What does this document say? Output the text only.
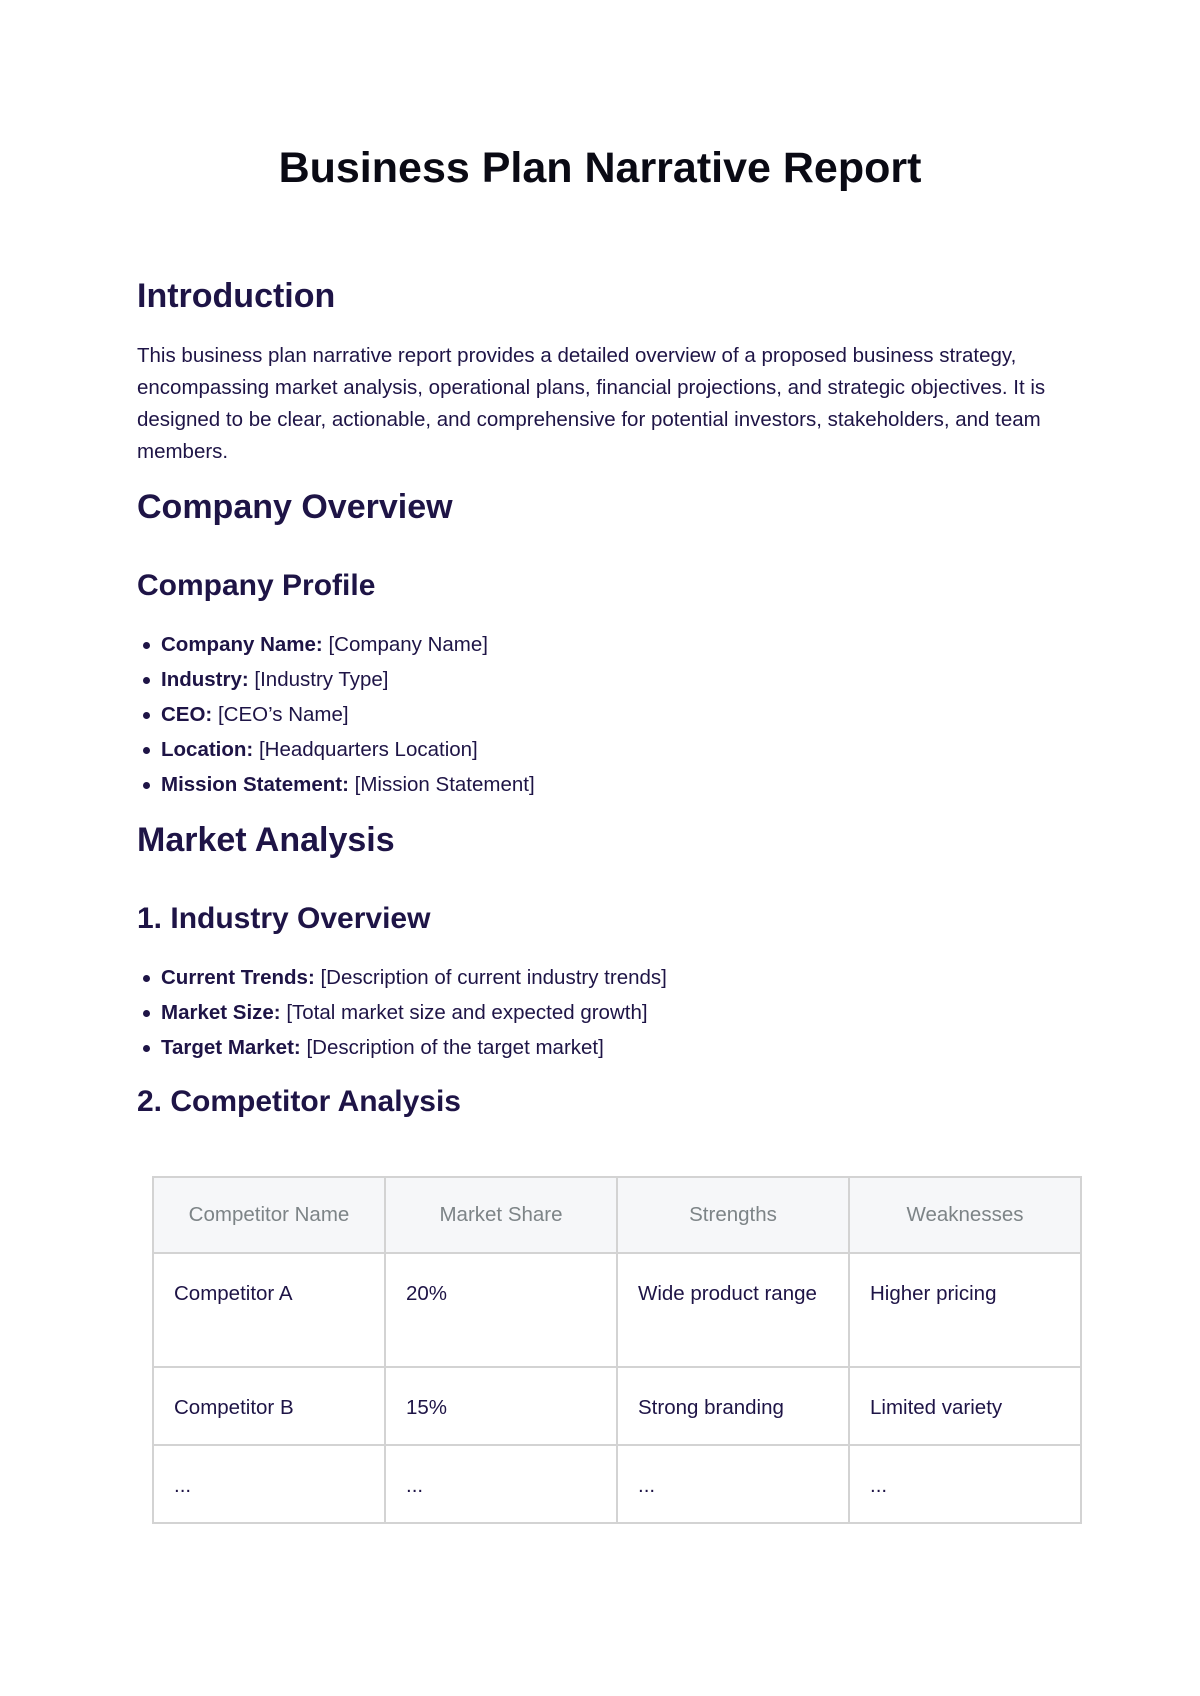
Business Plan Narrative Report
Introduction

This business plan narrative report provides a detailed overview of a proposed business strategy, encompassing market analysis, operational plans, financial projections, and strategic objectives. It is designed to be clear, actionable, and comprehensive for potential investors, stakeholders, and team members.

Company Overview
Company Profile
Company Name: [Company Name]
Industry: [Industry Type]
CEO: [CEO’s Name]
Location: [Headquarters Location]
Mission Statement: [Mission Statement]
Market Analysis
1. Industry Overview
Current Trends: [Description of current industry trends]
Market Size: [Total market size and expected growth]
Target Market: [Description of the target market]
2. Competitor Analysis
Competitor Name	Market Share	Strengths	Weaknesses
Competitor A	20%	Wide product range	Higher pricing
Competitor B	15%	Strong branding	Limited variety
...	...	...	...
